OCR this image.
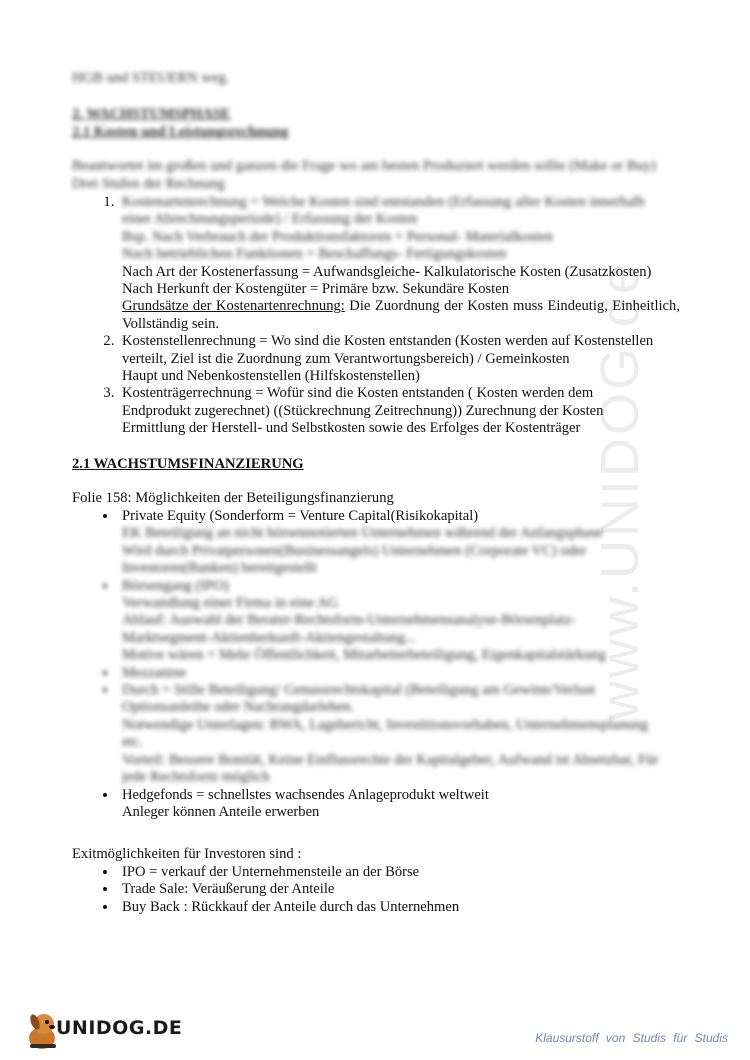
www.UNIDOG.de
HGB und STEUERN weg.
2. WACHSTUMSPHASE
2.1 Kosten und Leistungsrechnung
Beantwortet im großen und ganzen die Frage wo am besten Produziert werden sollte (Make or Buy)
Drei Stufen der Rechnung
1. Kostenartenrechnung = Welche Kosten sind entstanden (Erfassung aller Kosten innerhalb
einer Abrechnungsperiode) / Erfassung der Kosten
Bsp. Nach Verbrauch der Produktionsfaktoren = Personal- Materialkosten
Nach betrieblichen Funktionen = Beschaffungs- Fertigungskosten
Nach Art der Kostenerfassung = Aufwandsgleiche- Kalkulatorische Kosten (Zusatzkosten)
Nach Herkunft der Kostengüter = Primäre bzw. Sekundäre Kosten
Grundsätze der Kostenartenrechnung: Die Zuordnung der Kosten muss Eindeutig, Einheitlich, Vollständig sein.
2. Kostenstellenrechnung = Wo sind die Kosten entstanden (Kosten werden auf Kostenstellen
verteilt, Ziel ist die Zuordnung zum Verantwortungsbereich) / Gemeinkosten
Haupt und Nebenkostenstellen (Hilfskostenstellen)
3. Kostenträgerrechnung = Wofür sind die Kosten entstanden ( Kosten werden dem
Endprodukt zugerechnet) ((Stückrechnung Zeitrechnung)) Zurechnung der Kosten
Ermittlung der Herstell- und Selbstkosten sowie des Erfolges der Kostenträger
2.1 WACHSTUMSFINANZIERUNG
Folie 158: Möglichkeiten der Beteiligungsfinanzierung
• Private Equity (Sonderform = Venture Capital(Risikokapital)
EK Beteiligung an nicht börsennotierten Unternehmen während der Anfangsphase
Wird durch Privatpersonen(Businessangels) Unternehmen (Corporate VC) oder
Investoren(Banken) bereitgestellt
• Börsengang (IPO)
Verwandlung einer Firma in eine AG
Ablauf: Auswahl der Berater-Rechtsform-Unternehmensanalyse-Börsenplatz-
Marktsegment-Aktienherkunft-Aktiengestaltung...
Motive wären = Mehr Öffentlichkeit, Mitarbeiterbeteiligung, Eigenkapitalstärkung
• Mezzanine
• Durch = Stille Beteiligung/ Genussrechtskapital (Beteiligung am Gewinn/Verlust
Optionsanleihe oder Nachrangdarlehen.
Notwendige Unterlagen: BWA, Lagebericht, Investitionsvorhaben, Unternehmensplanung
etc.
Vorteil: Bessere Bonität, Keine Einflussrechte der Kapitalgeber, Aufwand ist Absetzbar, Für
jede Rechtsform möglich
• Hedgefonds = schnellstes wachsendes Anlageprodukt weltweit
Anleger können Anteile erwerben
Exitmöglichkeiten für Investoren sind :
• IPO = verkauf der Unternehmensteile an der Börse
• Trade Sale: Veräußerung der Anteile
• Buy Back : Rückkauf der Anteile durch das Unternehmen
UNIDOG.DE	Klausurstoff von Studis für Studis
